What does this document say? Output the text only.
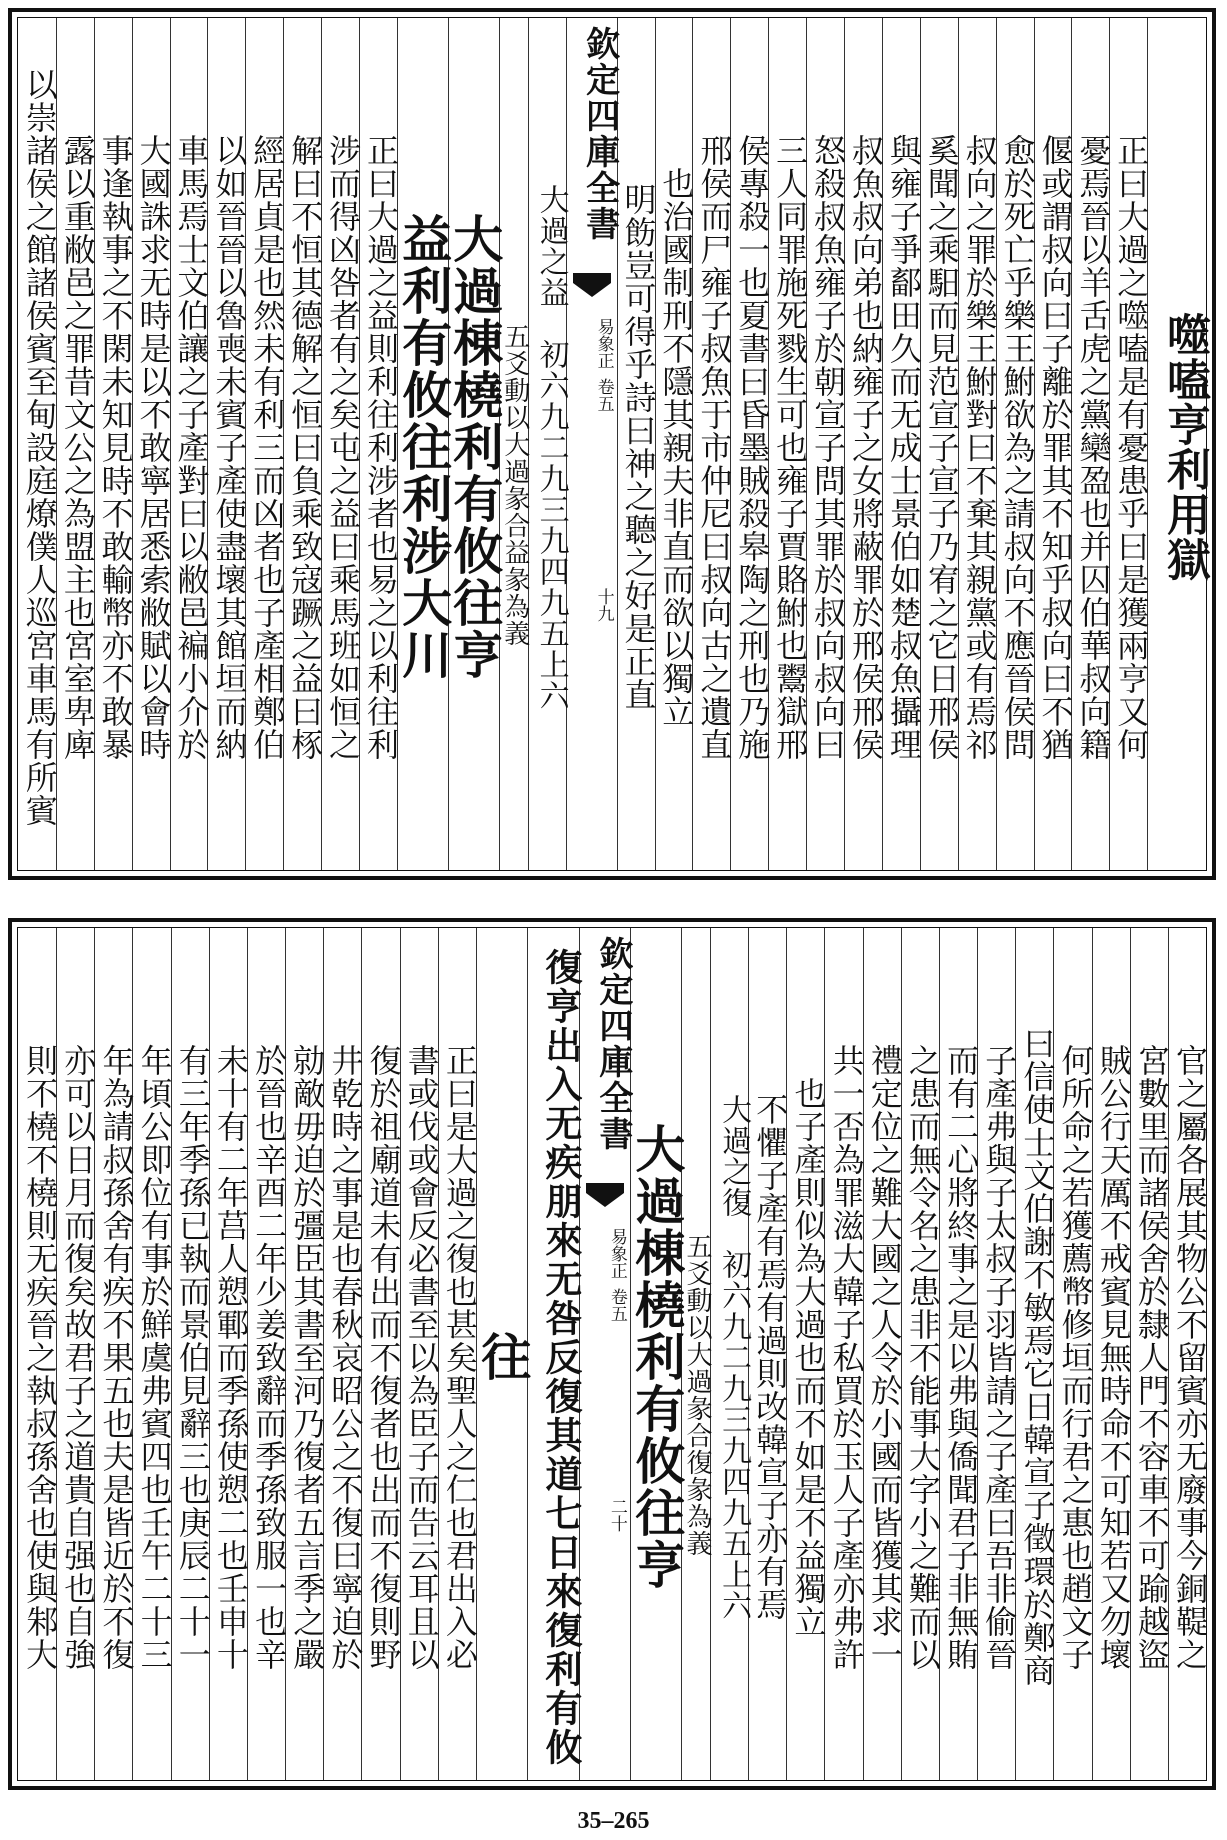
噬嗑亨利用獄
正曰大過之噬嗑是有憂患乎曰是獲兩亨又何
憂焉晉以羊舌虎之黨欒盈也并囚伯華叔向籍
偃或謂叔向曰子離於罪其不知乎叔向曰不猶
愈於死亡乎樂王鮒欲為之請叔向不應晉侯問
叔向之罪於樂王鮒對曰不棄其親黨或有焉祁
奚聞之乘馹而見范宣子宣子乃宥之它日邢侯
與雍子爭鄐田久而无成士景伯如楚叔魚攝理
叔魚叔向弟也納雍子之女將蔽罪於邢侯邢侯
怒殺叔魚雍子於朝宣子問其罪於叔向叔向曰
三人同罪施死戮生可也雍子賈賂鮒也鬻獄邢
侯專殺一也夏書曰昏墨賊殺皋陶之刑也乃施
邢侯而尸雍子叔魚于市仲尼曰叔向古之遺直
也治國制刑不隱其親夫非直而欲以獨立
明飭豈可得乎詩曰神之聽之好是正直
欽定四庫全書
易象正
卷五
十九
大過之益　初六九二九三九四九五上六
五爻動以大過彖合益彖為義
大過棟橈利有攸往亨
益利有攸往利涉大川
正曰大過之益則利往利涉者也易之以利往利
涉而得凶咎者有之矣屯之益曰乘馬班如恒之
解曰不恒其德解之恒曰負乘致寇蹶之益曰㭬
經居貞是也然未有利三而凶者也子產相鄭伯
以如晉晉以魯喪未賓子產使盡壞其館垣而納
車馬焉士文伯讓之子產對曰以敝邑褊小介於
大國誅求无時是以不敢寧居悉索敝賦以會時
事逢執事之不閑未知見時不敢輸幣亦不敢暴
露以重敝邑之罪昔文公之為盟主也宮室卑庳
以崇諸侯之館諸侯賓至甸設庭燎僕人巡宮車馬有所賓
官之屬各展其物公不留賓亦无廢事今銅鞮之
宮數里而諸侯舍於隸人門不容車不可踰越盜
賊公行天厲不戒賓見無時命不可知若又勿壞
何所命之若獲薦幣修垣而行君之惠也趙文子
曰信使士文伯謝不敏焉它日韓宣子徵環於鄭商
子產弗與子太叔子羽皆請之子產曰吾非偷晉
而有二心將終事之是以弗與僑聞君子非無賄
之患而無令名之患非不能事大字小之難而以
禮定位之難大國之人令於小國而皆獲其求一
共一否為罪滋大韓子私買於玉人子產亦弗許
也子產則似為大過也而不如是不益獨立
不懼子產有焉有過則改韓宣子亦有焉
大過之復　初六九二九三九四九五上六
五爻動以大過彖合復彖為義
大過棟橈利有攸往亨
欽定四庫全書
易象正
卷五
二十
復亨出入无疾朋來无咎反復其道七日來復利有攸
往
正曰是大過之復也甚矣聖人之仁也君出入必
書或伐或會反必書至以為臣子而告云耳且以
復於祖廟道未有出而不復者也出而不復則野
井乾時之事是也春秋哀昭公之不復曰寧迫於
勍敵毋迫於彊臣其書至河乃復者五言季之嚴
於晉也辛酉二年少姜致辭而季孫致服一也辛
未十有二年莒人愬鄆而季孫使愬二也壬申十
有三年季孫已執而景伯見辭三也庚辰二十一
年頃公即位有事於鮮虞弗賓四也壬午二十三
年為請叔孫舍有疾不果五也夫是皆近於不復
亦可以日月而復矣故君子之道貴自强也自強
則不橈不橈則无疾晉之執叔孫舍也使與邾大
35–265
